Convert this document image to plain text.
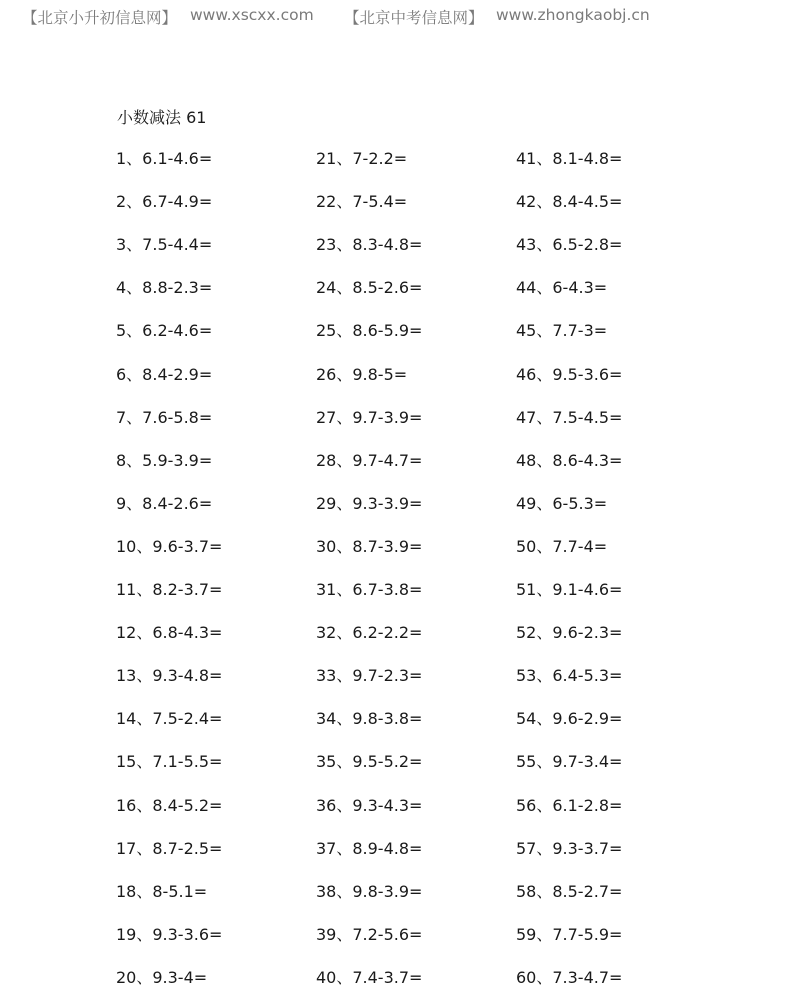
【北京小升初信息网】 www.xscxx.com 【北京中考信息网】 www.zhongkaobj.cn
小数减法 61
1、6.1-4.6=
2、6.7-4.9=
3、7.5-4.4=
4、8.8-2.3=
5、6.2-4.6=
6、8.4-2.9=
7、7.6-5.8=
8、5.9-3.9=
9、8.4-2.6=
10、9.6-3.7=
11、8.2-3.7=
12、6.8-4.3=
13、9.3-4.8=
14、7.5-2.4=
15、7.1-5.5=
16、8.4-5.2=
17、8.7-2.5=
18、8-5.1=
19、9.3-3.6=
20、9.3-4=
21、7-2.2=
22、7-5.4=
23、8.3-4.8=
24、8.5-2.6=
25、8.6-5.9=
26、9.8-5=
27、9.7-3.9=
28、9.7-4.7=
29、9.3-3.9=
30、8.7-3.9=
31、6.7-3.8=
32、6.2-2.2=
33、9.7-2.3=
34、9.8-3.8=
35、9.5-5.2=
36、9.3-4.3=
37、8.9-4.8=
38、9.8-3.9=
39、7.2-5.6=
40、7.4-3.7=
41、8.1-4.8=
42、8.4-4.5=
43、6.5-2.8=
44、6-4.3=
45、7.7-3=
46、9.5-3.6=
47、7.5-4.5=
48、8.6-4.3=
49、6-5.3=
50、7.7-4=
51、9.1-4.6=
52、9.6-2.3=
53、6.4-5.3=
54、9.6-2.9=
55、9.7-3.4=
56、6.1-2.8=
57、9.3-3.7=
58、8.5-2.7=
59、7.7-5.9=
60、7.3-4.7=
